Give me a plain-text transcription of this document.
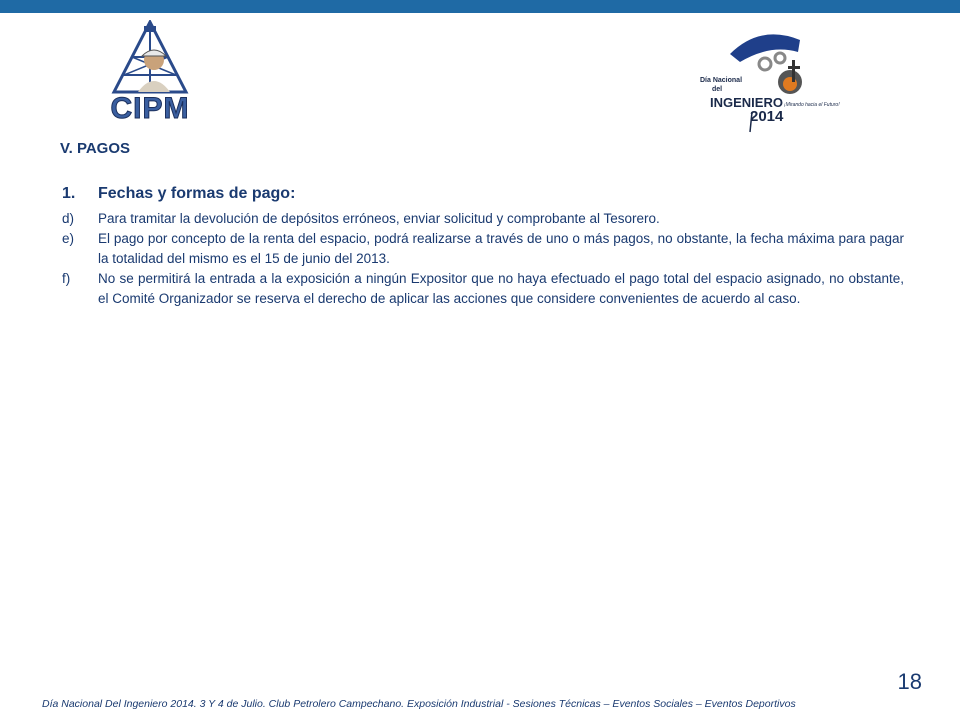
CIPM
Día Nacional
del
INGENIERO
2014
¡Mirando hacia el Futuro!
V. PAGOS
1. Fechas y formas de pago:
d)	Para tramitar la devolución de depósitos erróneos, enviar solicitud y comprobante al Tesorero.
e)	El pago por concepto de la renta del espacio, podrá realizarse a través de uno o más pagos, no obstante, la fecha máxima para pagar la totalidad del mismo es el 15 de junio del 2013.
f)	No se permitirá la entrada a la exposición a ningún Expositor que no haya efectuado el pago total del espacio asignado, no obstante, el Comité Organizador se reserva el derecho de aplicar las acciones que considere convenientes de acuerdo al caso.
18
Día Nacional Del Ingeniero 2014. 3 Y 4 de Julio. Club Petrolero Campechano. Exposición Industrial - Sesiones Técnicas – Eventos Sociales – Eventos Deportivos
